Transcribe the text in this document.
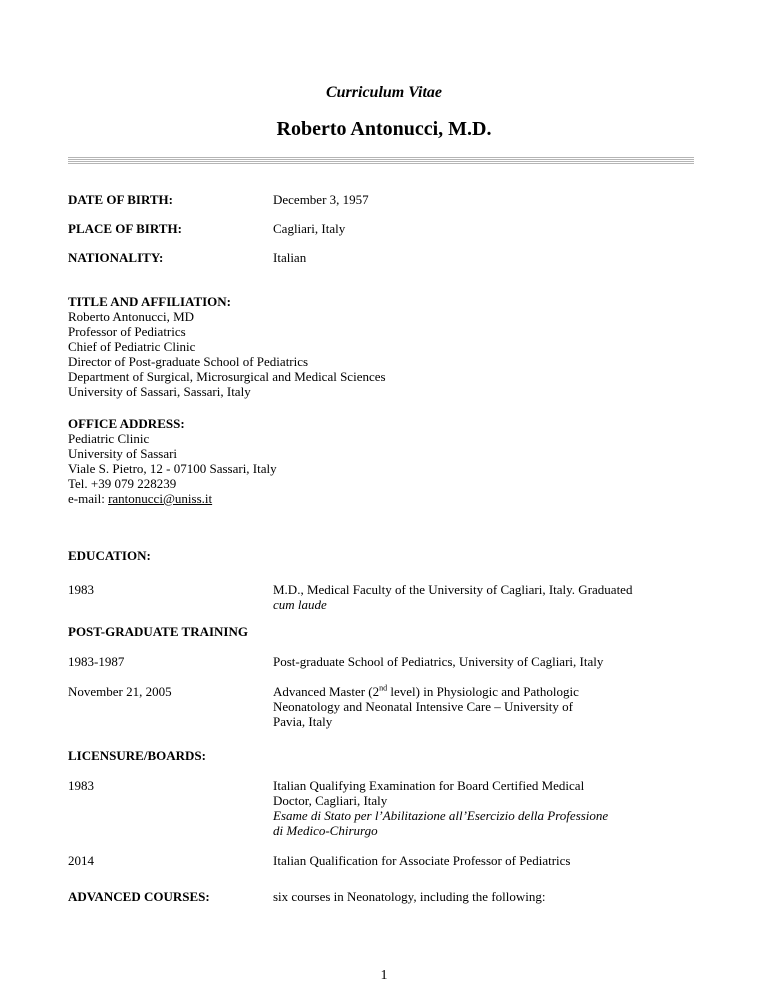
Curriculum Vitae
Roberto Antonucci, M.D.
DATE OF BIRTH:	December 3, 1957
PLACE OF BIRTH:	Cagliari, Italy
NATIONALITY:	Italian
TITLE AND AFFILIATION:
Roberto Antonucci, MD
Professor of Pediatrics
Chief of Pediatric Clinic
Director of Post-graduate School of Pediatrics
Department of Surgical, Microsurgical and Medical Sciences
University of Sassari, Sassari, Italy
OFFICE ADDRESS:
Pediatric Clinic
University of Sassari
Viale S. Pietro, 12 - 07100 Sassari, Italy
Tel. +39 079 228239
e-mail: rantonucci@uniss.it
EDUCATION:
1983	M.D., Medical Faculty of the University of Cagliari, Italy. Graduated
cum laude
POST-GRADUATE TRAINING
1983-1987	Post-graduate School of Pediatrics, University of Cagliari, Italy
November 21, 2005	Advanced Master (2nd level) in Physiologic and Pathologic
Neonatology and Neonatal Intensive Care – University of
Pavia, Italy
LICENSURE/BOARDS:
1983	Italian Qualifying Examination for Board Certified Medical
Doctor, Cagliari, Italy
Esame di Stato per l’Abilitazione all’Esercizio della Professione
di Medico-Chirurgo
2014	Italian Qualification for Associate Professor of Pediatrics
ADVANCED COURSES:	six courses in Neonatology, including the following:
1
